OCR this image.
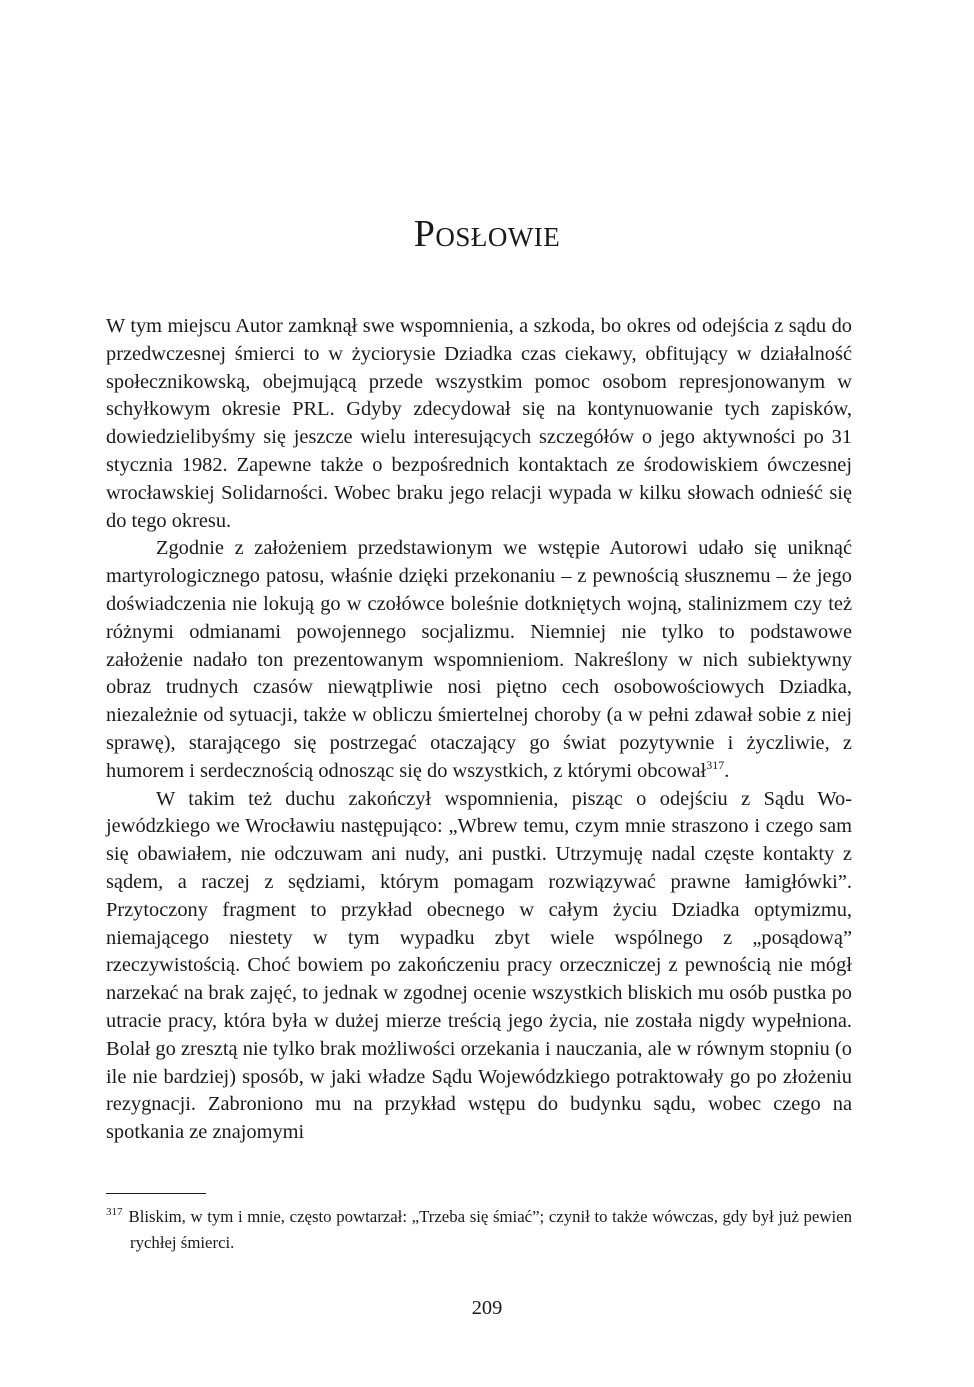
Posłowie

W tym miejscu Autor zamknął swe wspomnienia, a szkoda, bo okres od odejścia z sądu do przedwczesnej śmierci to w życiorysie Dziadka czas ciekawy, obfitujący w działalność społecznikowską, obejmującą przede wszystkim pomoc osobom represjonowanym w schyłkowym okresie PRL. Gdyby zdecydował się na kontynuowanie tych zapisków, dowiedzielibyśmy się jeszcze wielu interesujących szczegółów o jego aktywności po 31 stycznia 1982. Zapewne także o bezpośrednich kontaktach ze środowiskiem ówczesnej wrocławskiej Solidarności. Wobec braku jego relacji wypada w kilku słowach odnieść się do tego okresu.

Zgodnie z założeniem przedstawionym we wstępie Autorowi udało się uniknąć martyrologicznego patosu, właśnie dzięki przekonaniu – z pewnością słusznemu – że jego doświadczenia nie lokują go w czołówce boleśnie dotkniętych wojną, stalinizmem czy też różnymi odmianami powojennego socjalizmu. Niemniej nie tylko to podstawowe założenie nadało ton prezentowanym wspomnieniom. Nakreślony w nich subiektywny obraz trudnych czasów niewątpliwie nosi piętno cech osobowościowych Dziadka, niezależnie od sytuacji, także w obliczu śmiertelnej choroby (a w pełni zdawał sobie z niej sprawę), starającego się postrzegać otaczający go świat pozytywnie i życzliwie, z humorem i serdecznością odnosząc się do wszystkich, z którymi obcował$^{317}$.

W takim też duchu zakończył wspomnienia, pisząc o odejściu z Sądu Wojewódzkiego we Wrocławiu następująco: „Wbrew temu, czym mnie straszono i czego sam się obawiałem, nie odczuwam ani nudy, ani pustki. Utrzymuję nadal częste kontakty z sądem, a raczej z sędziami, którym pomagam rozwiązywać prawne łamigłówki”. Przytoczony fragment to przykład obecnego w całym życiu Dziadka optymizmu, niemającego niestety w tym wypadku zbyt wiele wspólnego z „posądową” rzeczywistością. Choć bowiem po zakończeniu pracy orzeczniczej z pewnością nie mógł narzekać na brak zajęć, to jednak w zgodnej ocenie wszystkich bliskich mu osób pustka po utracie pracy, która była w dużej mierze treścią jego życia, nie została nigdy wypełniona. Bolał go zresztą nie tylko brak możliwości orzekania i nauczania, ale w równym stopniu (o ile nie bardziej) sposób, w jaki władze Sądu Wojewódzkiego potraktowały go po złożeniu rezygnacji. Zabroniono mu na przykład wstępu do budynku sądu, wobec czego na spotkania ze znajomymi

$^{317}$ Bliskim, w tym i mnie, często powtarzał: „Trzeba się śmiać”; czynił to także wówczas, gdy był już pewien rychłej śmierci.
209
